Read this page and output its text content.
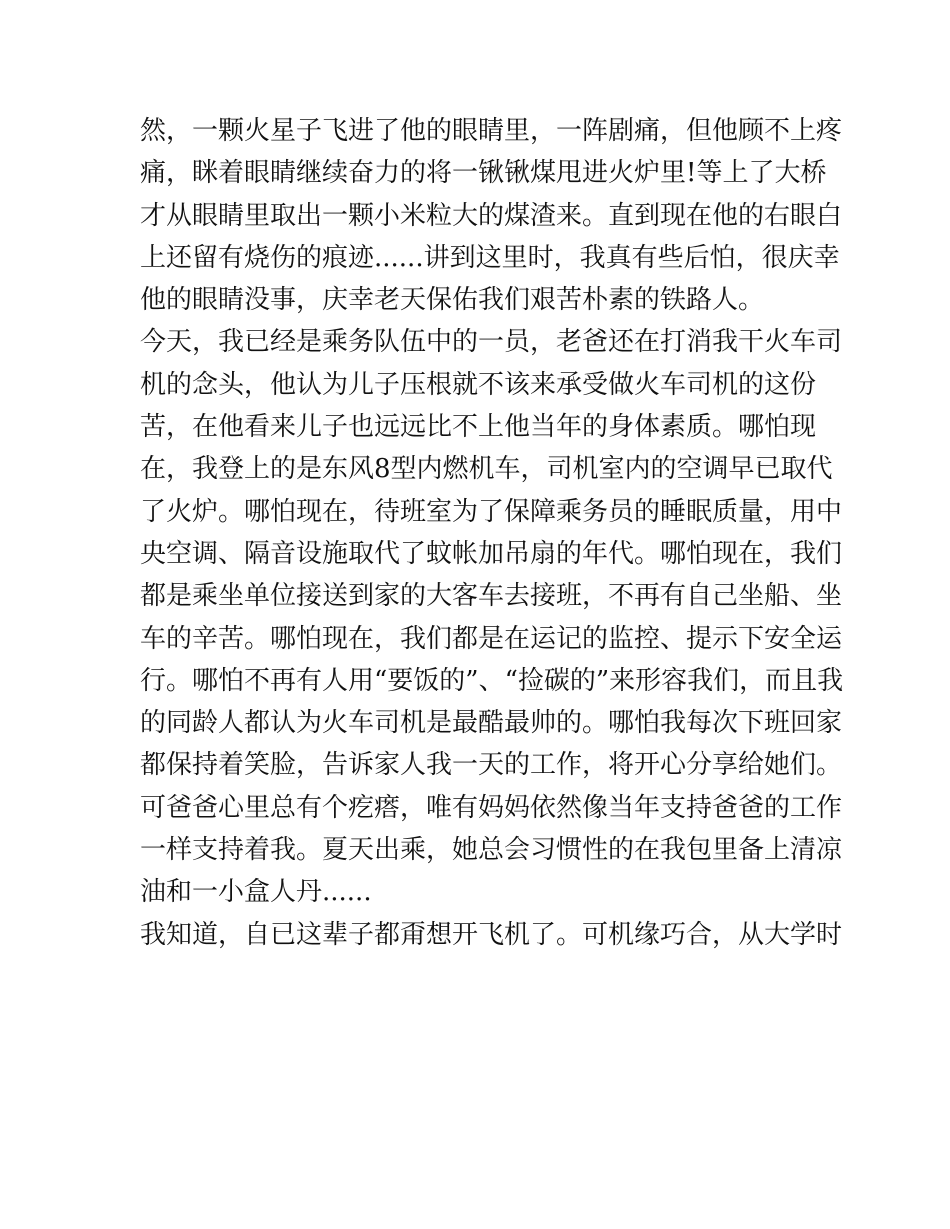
然，一颗火星子飞进了他的眼睛里，一阵剧痛，但他顾不上疼
痛，眯着眼睛继续奋力的将一锹锹煤甩进火炉里!等上了大桥
才从眼睛里取出一颗小米粒大的煤渣来。直到现在他的右眼白
上还留有烧伤的痕迹......讲到这里时，我真有些后怕，很庆幸
他的眼睛没事，庆幸老天保佑我们艰苦朴素的铁路人。
今天，我已经是乘务队伍中的一员，老爸还在打消我干火车司
机的念头，他认为儿子压根就不该来承受做火车司机的这份
苦，在他看来儿子也远远比不上他当年的身体素质。哪怕现
在，我登上的是东风8型内燃机车，司机室内的空调早已取代
了火炉。哪怕现在，待班室为了保障乘务员的睡眠质量，用中
央空调、隔音设施取代了蚊帐加吊扇的年代。哪怕现在，我们
都是乘坐单位接送到家的大客车去接班，不再有自己坐船、坐
车的辛苦。哪怕现在，我们都是在运记的监控、提示下安全运
行。哪怕不再有人用“要饭的”、“捡碳的”来形容我们，而且我
的同龄人都认为火车司机是最酷最帅的。哪怕我每次下班回家
都保持着笑脸，告诉家人我一天的工作，将开心分享给她们。
可爸爸心里总有个疙瘩，唯有妈妈依然像当年支持爸爸的工作
一样支持着我。夏天出乘，她总会习惯性的在我包里备上清凉
油和一小盒人丹......
我知道，自已这辈子都甭想开飞机了。可机缘巧合，从大学时
